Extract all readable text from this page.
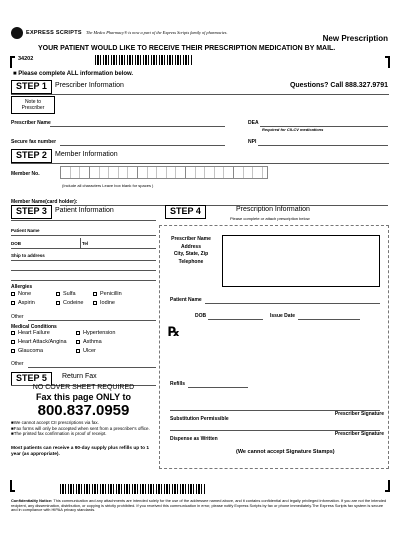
EXPRESS SCRIPTS The Medco Pharmacy® is now a part of the Express Scripts family of pharmacies.
New Prescription
YOUR PATIENT WOULD LIKE TO RECEIVE THEIR PRESCRIPTION MEDICATION BY MAIL.
34202
■ Please complete ALL information below.
STEP 1	Prescriber Information	Questions? Call 888.327.9791
Note to
Prescriber
Prescriber Name	DEA
Required for CII-CV medications
Secure fax number	NPI
STEP 2	Member Information
Member No.
(Include all characters Leave box blank for spaces )
Member Name(card holder):
STEP 3	Patient Information
Patient Name
DOB	Tel
Ship to address
Allergies
None	Sulfa	Penicillin
Aspirin	Codeine	Iodine
Other
Medical Conditions
Heart Failure	Hypertension
Heart Attack/Angina	Asthma
Glaucoma	Ulcer
Other
STEP 4	Prescription Information
Please complete or attach prescription below
Prescriber Name
Address
City, State, Zip
Telephone
Patient Name
DOB	Issue Date
℞
Refills
Prescriber Signature
Substitution Permissible
Prescriber Signature
Dispense as Written
(We cannot accept Signature Stamps)
STEP 5	Return Fax
NO COVER SHEET REQUIRED
Fax this page ONLY to
800.837.0959
■We cannot accept CII prescriptions via fax.
■Fax forms will only be accepted when sent from a prescriber's office.
■The printed fax confirmation is proof of receipt.
Most patients can receive a 90-day supply plus refills up to 1 year (as appropriate).
Confidentiality Notice: This communication and any attachments are intended solely for the use of the addressee named above, and it contains confidential and legally privileged information. If you are not the intended recipient, any dissemination, distribution, or copying is strictly prohibited. If you received this communication in error, please notify Express Scripts by fax or phone immediately.The Express Scripts fax system is secure and in compliance with HIPAA privacy standards.
